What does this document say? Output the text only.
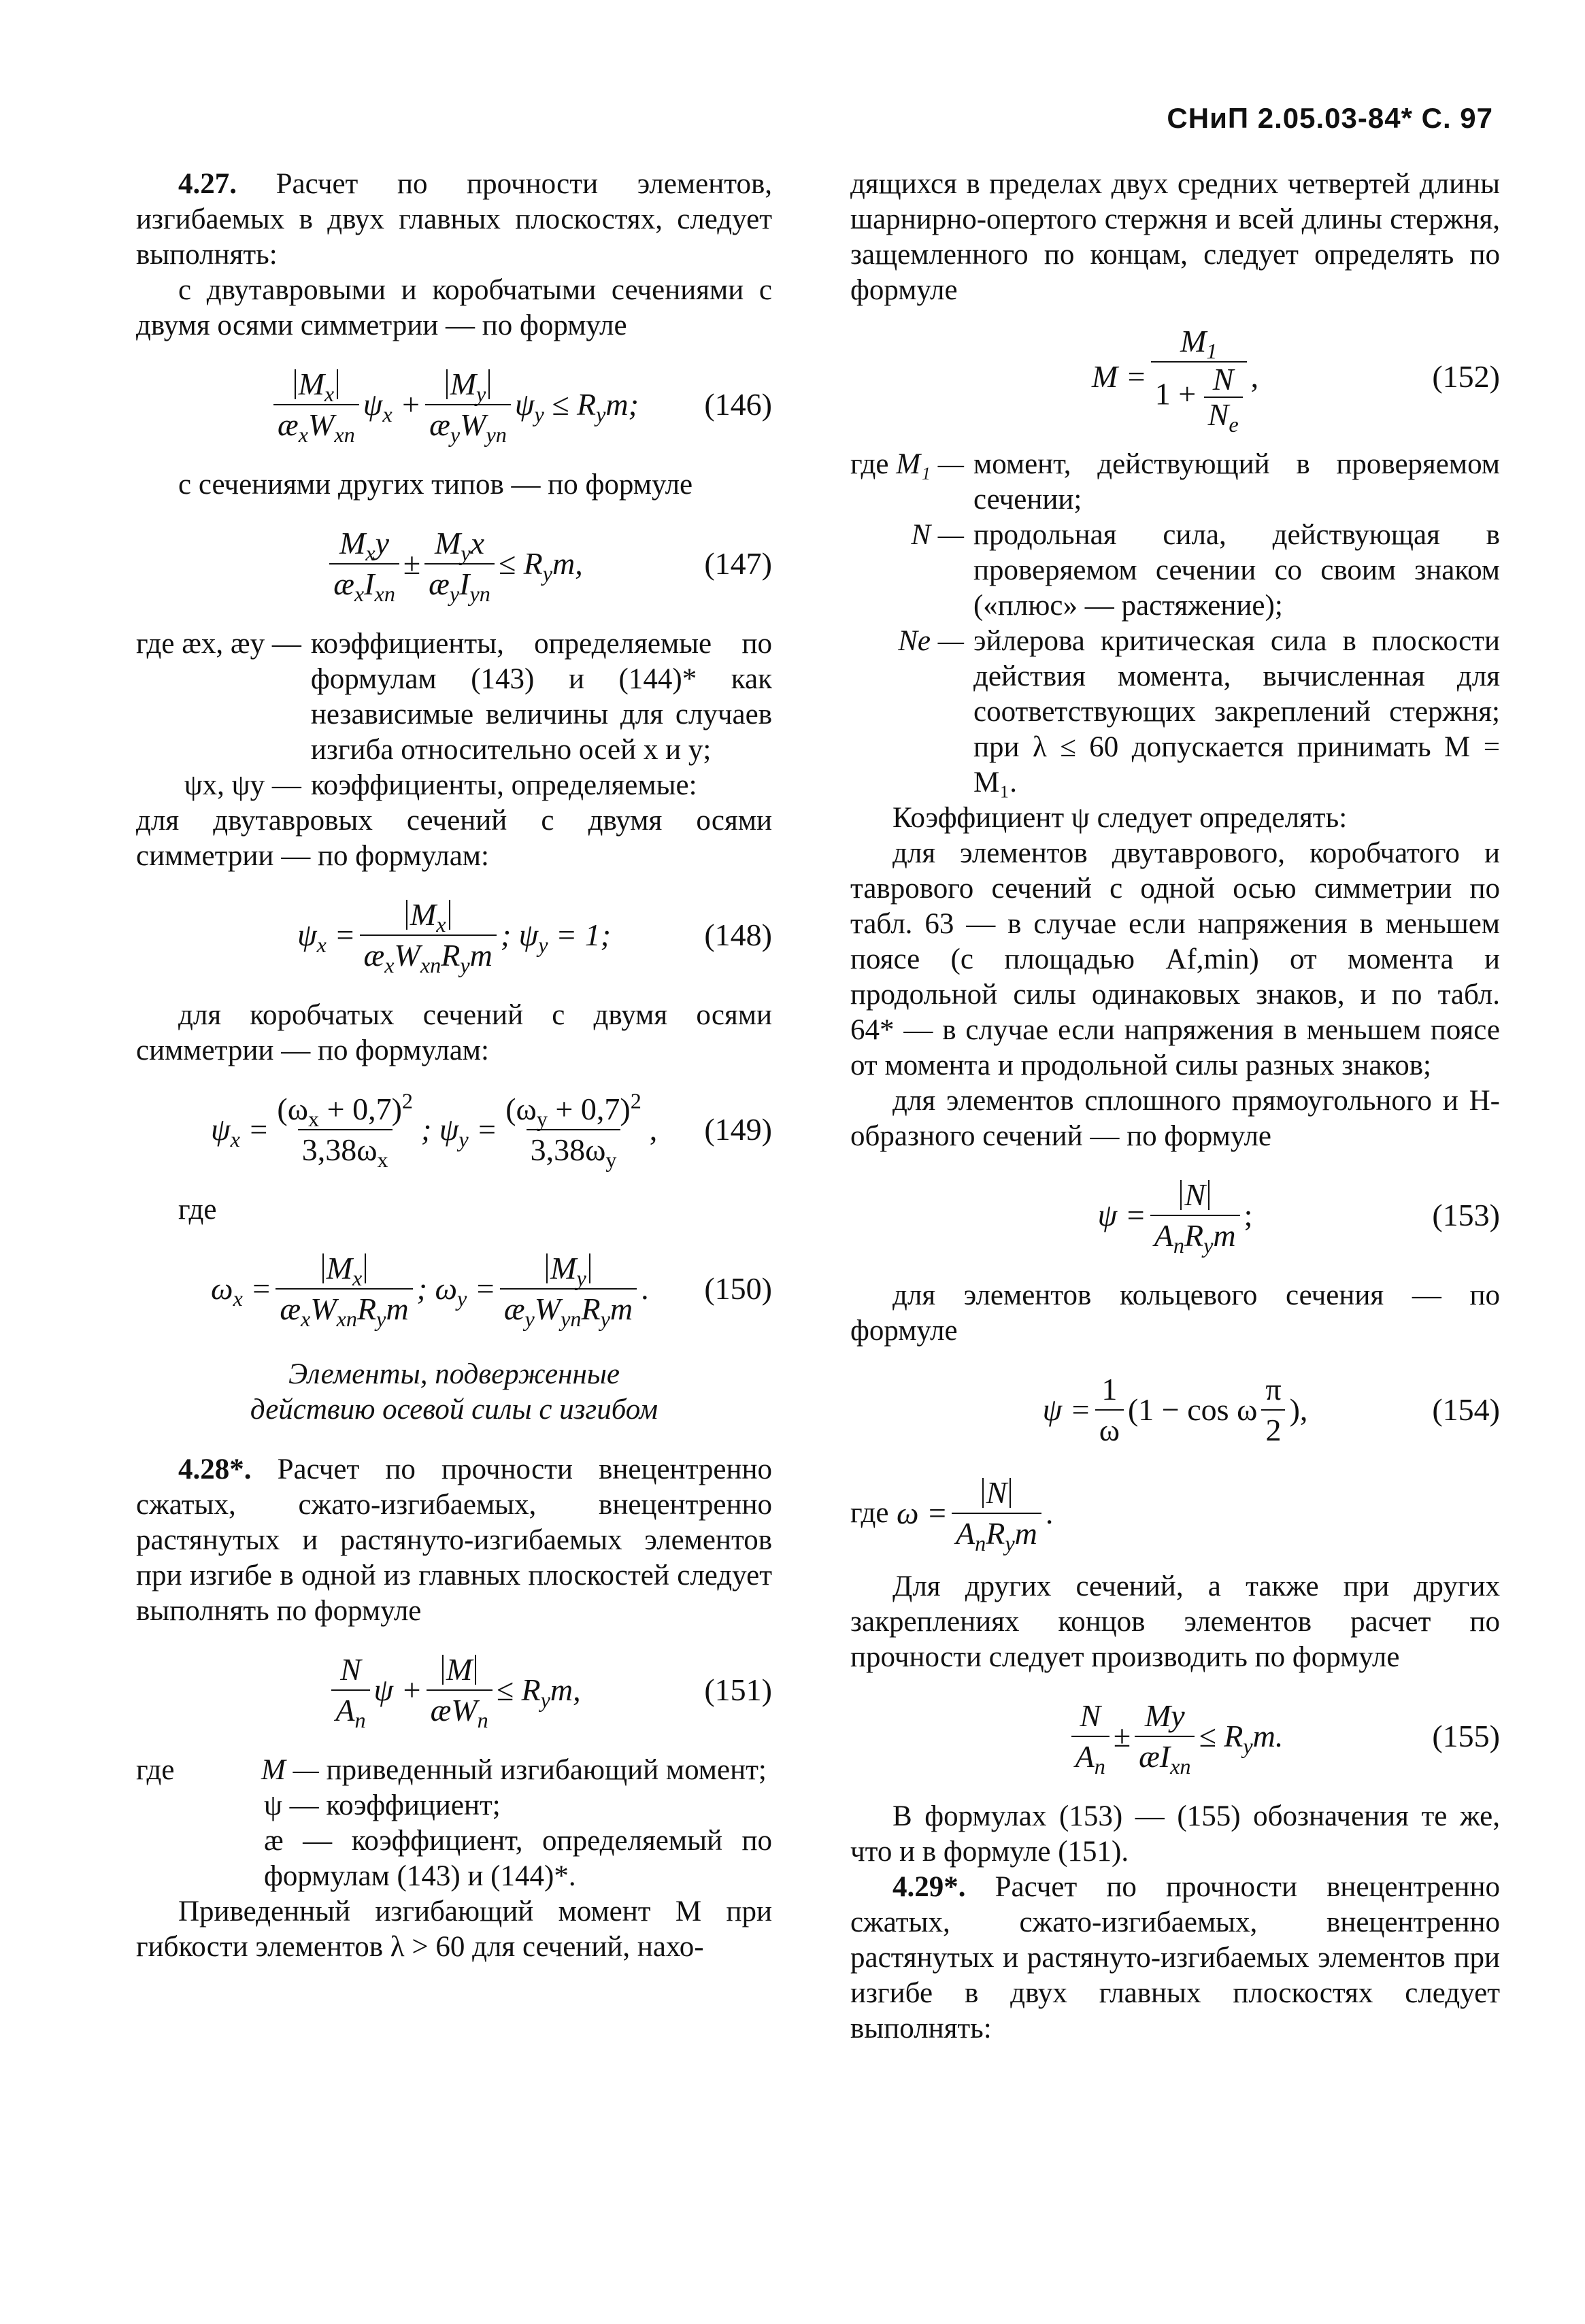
СНиП 2.05.03-84* С. 97

4.27. Расчет по прочности элементов, изгибаемых в двух главных плоскостях, следует выполнять:

с двутавровыми и коробчатыми сечениями с двумя осями симметрии — по формуле

$\frac{M_x}{æ_xW_{xn}} \psi_x + \frac{M_y}{æ_yW_{yn}} \psi_y \le R_ym$; (146)

с сечениями других типов — по формуле

$\frac{M_xy}{æ_xI_{xn}} \pm \frac{M_yx}{æ_yI_{yn}} \le R_ym$,	(147)
где æx, æy — коэффициенты, определяемые по формулам (143) и (144)* как независимые величины для случаев изгиба относительно осей x и y;
ψx, ψy — коэффициенты, определяемые:

для двутавровых сечений с двумя осями симметрии — по формулам:

$\psi_x = \frac{M_x}{æ_xW_{xn}R_ym}$ ; $\psi_y = 1$;	(148)

для коробчатых сечений с двумя осями симметрии — по формулам:

$\psi_x = \frac{(\omega_x + 0,7)^2}{3,38\omega_x}$ ; $\psi_y = \frac{(\omega_y + 0,7)^2}{3,38\omega_y}$ , (149)

где

$\omega_x = \frac{M_x}{æ_xW_{xn}R_ym}$ ; $\omega_y = \frac{M_y}{æ_yW_{yn}R_ym}$ . (150)
Элементы, подверженные
действию осевой силы с изгибом

4.28*. Расчет по прочности внецентренно сжатых, сжато-изгибаемых, внецентренно растянутых и растянуто-изгибаемых элементов при изгибе в одной из главных плоскостей следует выполнять по формуле

$\frac{N}{A_n}$ $\psi + \frac{M}{æW_n} \le R_ym$,	(151)
где	M — приведенный изгибающий момент;
ψ — коэффициент;
æ — коэффициент, определяемый по формулам (143) и (144)*.

Приведенный изгибающий момент M при гибкости элементов λ > 60 для сечений, нахо-

дящихся в пределах двух средних четвертей длины шарнирно-опертого стержня и всей длины стержня, защемленного по концам, следует определять по формуле

$M = \frac{M_1}{1 + \frac{N}{N_e}}$ ,	(152)
где M₁ — момент, действующий в проверяемом сечении;
N — продольная сила, действующая в проверяемом сечении со своим знаком («плюс» — растяжение);
Ne — эйлерова критическая сила в плоскости действия момента, вычисленная для соответствующих закреплений стержня; при λ ≤ 60 допускается принимать M = M₁.

Коэффициент ψ следует определять:

для элементов двутаврового, коробчатого и таврового сечений с одной осью симметрии по табл. 63 — в случае если напряжения в меньшем поясе (с площадью Af,min) от момента и продольной силы одинаковых знаков, и по табл. 64* — в случае если напряжения в меньшем поясе от момента и продольной силы разных знаков;

для элементов сплошного прямоугольного и Н-образного сечений — по формуле

$\psi = \frac{N}{A_nR_ym}$ ;	(153)

для элементов кольцевого сечения — по формуле

$\psi = \frac{1}{\omega} (1 - \cos \omega \frac{\pi}{2}$ ),	(154)
где $\omega = \frac{N}{A_nR_ym}$ .

Для других сечений, а также при других закреплениях концов элементов расчет по прочности следует производить по формуле

$\frac{N}{A_n} \pm \frac{My}{æI_{xn}} \le R_ym$.	(155)

В формулах (153) — (155) обозначения те же, что и в формуле (151).

4.29*. Расчет по прочности внецентренно сжатых, сжато-изгибаемых, внецентренно растянутых и растянуто-изгибаемых элементов при изгибе в двух главных плоскостях следует выполнять:
